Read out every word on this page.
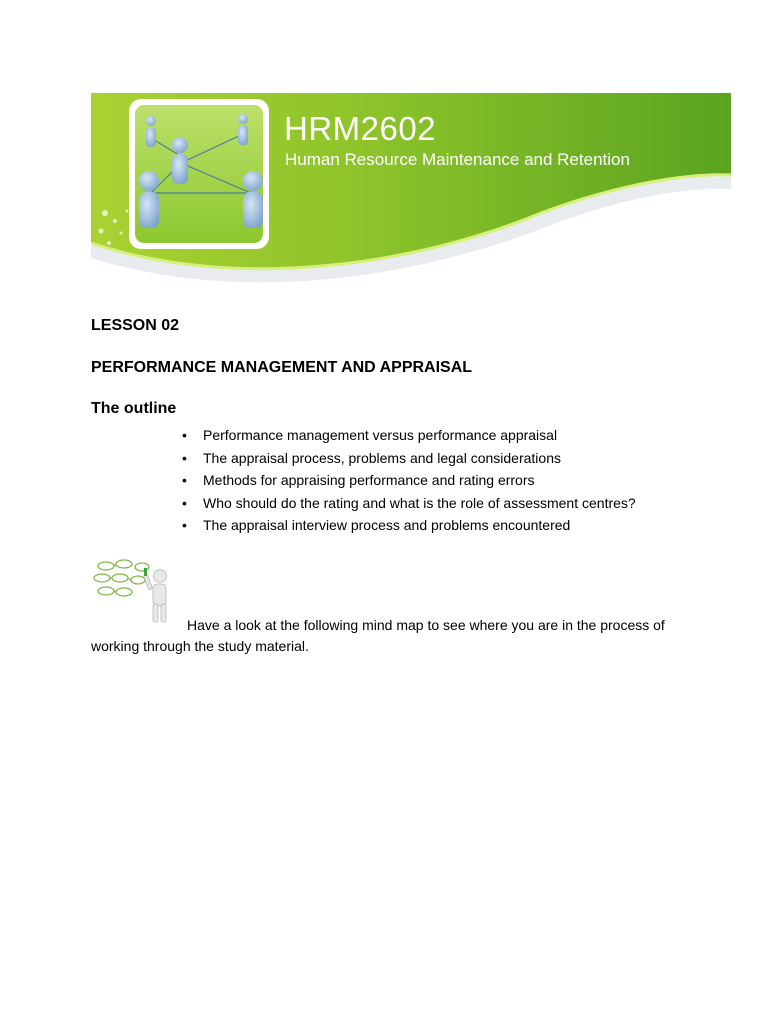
HRM2602
Human Resource Maintenance and Retention
LESSON 02
PERFORMANCE MANAGEMENT AND APPRAISAL
The outline
• Performance management versus performance appraisal
• The appraisal process, problems and legal considerations
• Methods for appraising performance and rating errors
• Who should do the rating and what is the role of assessment centres?
• The appraisal interview process and problems encountered

Have a look at the following mind map to see where you are in the process of working through the study material.
